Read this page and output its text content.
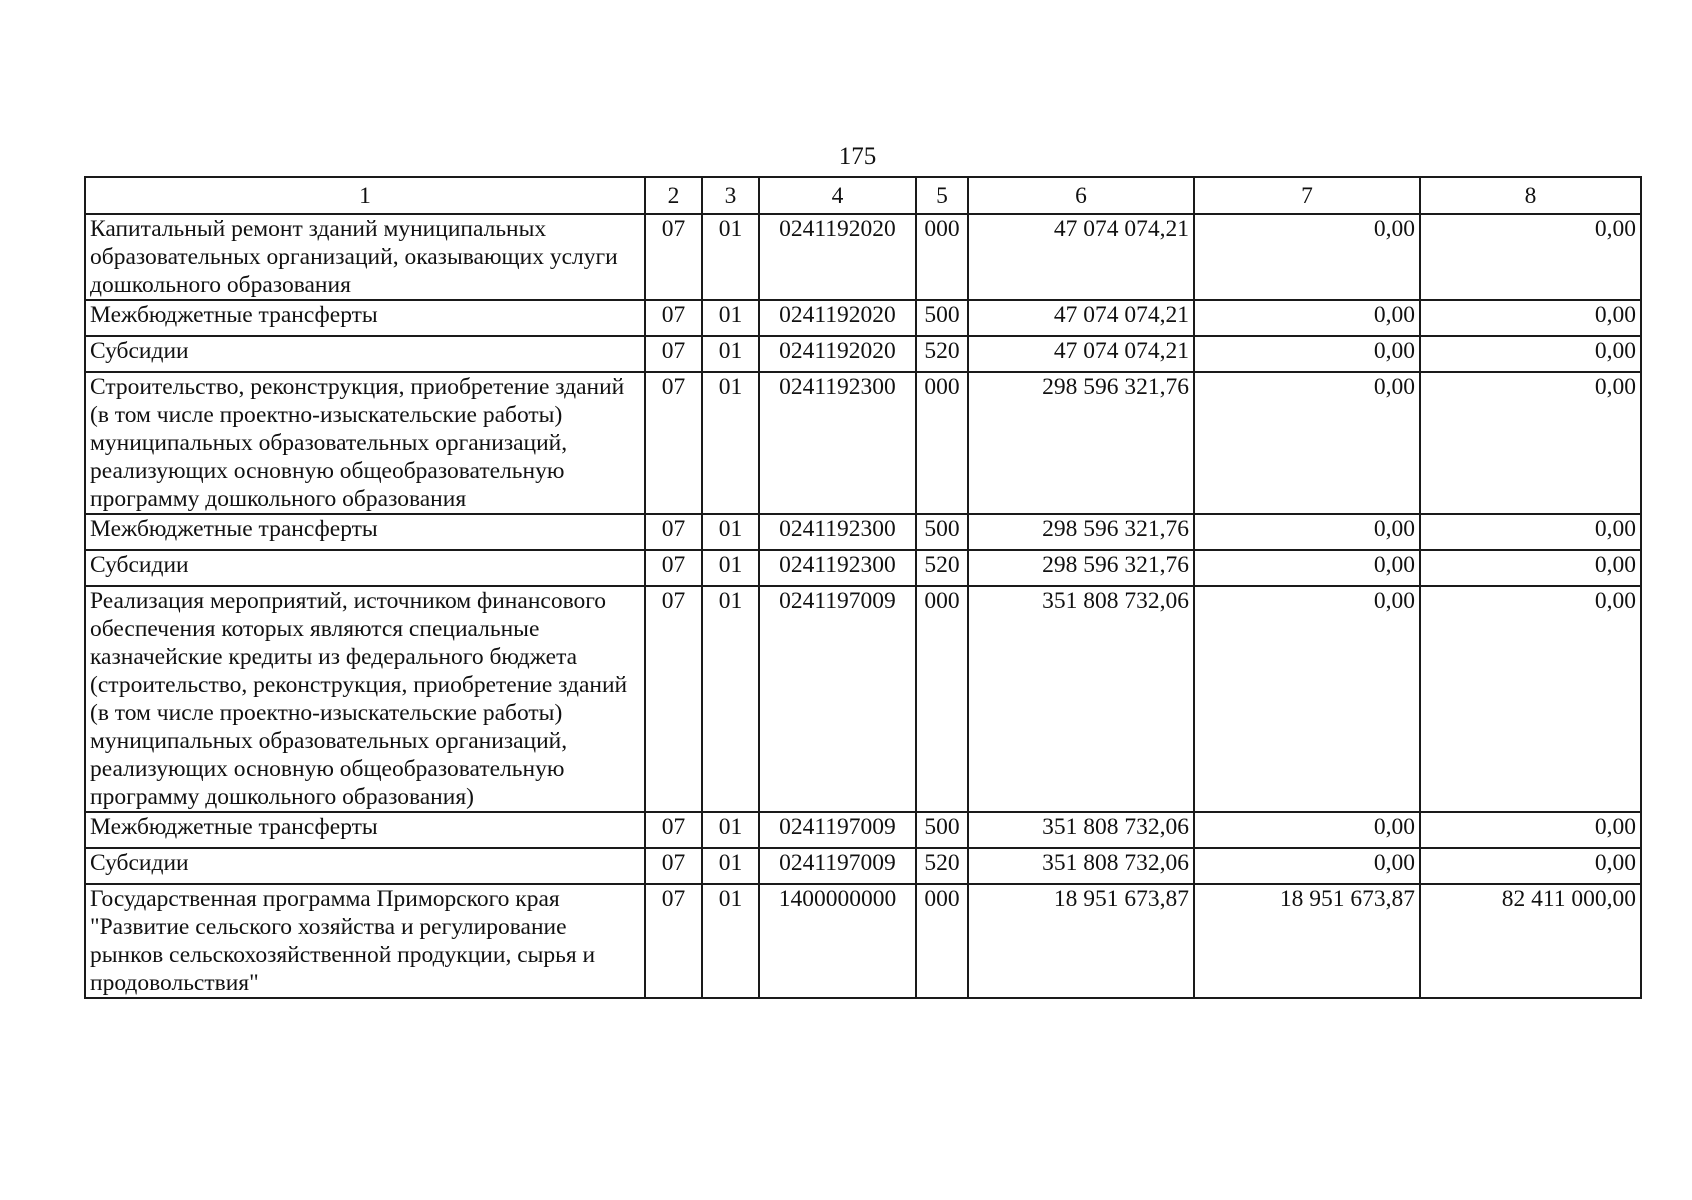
175
1	2	3	4	5	6	7	8
Капитальный ремонт зданий муниципальных образовательных организаций, оказывающих услуги дошкольного образования	07	01	0241192020	000	47 074 074,21	0,00	0,00
Межбюджетные трансферты	07	01	0241192020	500	47 074 074,21	0,00	0,00
Субсидии	07	01	0241192020	520	47 074 074,21	0,00	0,00
Строительство, реконструкция, приобретение зданий (в том числе проектно-изыскательские работы) муниципальных образовательных организаций, реализующих основную общеобразовательную программу дошкольного образования	07	01	0241192300	000	298 596 321,76	0,00	0,00
Межбюджетные трансферты	07	01	0241192300	500	298 596 321,76	0,00	0,00
Субсидии	07	01	0241192300	520	298 596 321,76	0,00	0,00
Реализация мероприятий, источником финансового обеспечения которых являются специальные казначейские кредиты из федерального бюджета (строительство, реконструкция, приобретение зданий (в том числе проектно-изыскательские работы) муниципальных образовательных организаций, реализующих основную общеобразовательную программу дошкольного образования)	07	01	0241197009	000	351 808 732,06	0,00	0,00
Межбюджетные трансферты	07	01	0241197009	500	351 808 732,06	0,00	0,00
Субсидии	07	01	0241197009	520	351 808 732,06	0,00	0,00
Государственная программа Приморского края "Развитие сельского хозяйства и регулирование рынков сельскохозяйственной продукции, сырья и продовольствия"	07	01	1400000000	000	18 951 673,87	18 951 673,87	82 411 000,00
